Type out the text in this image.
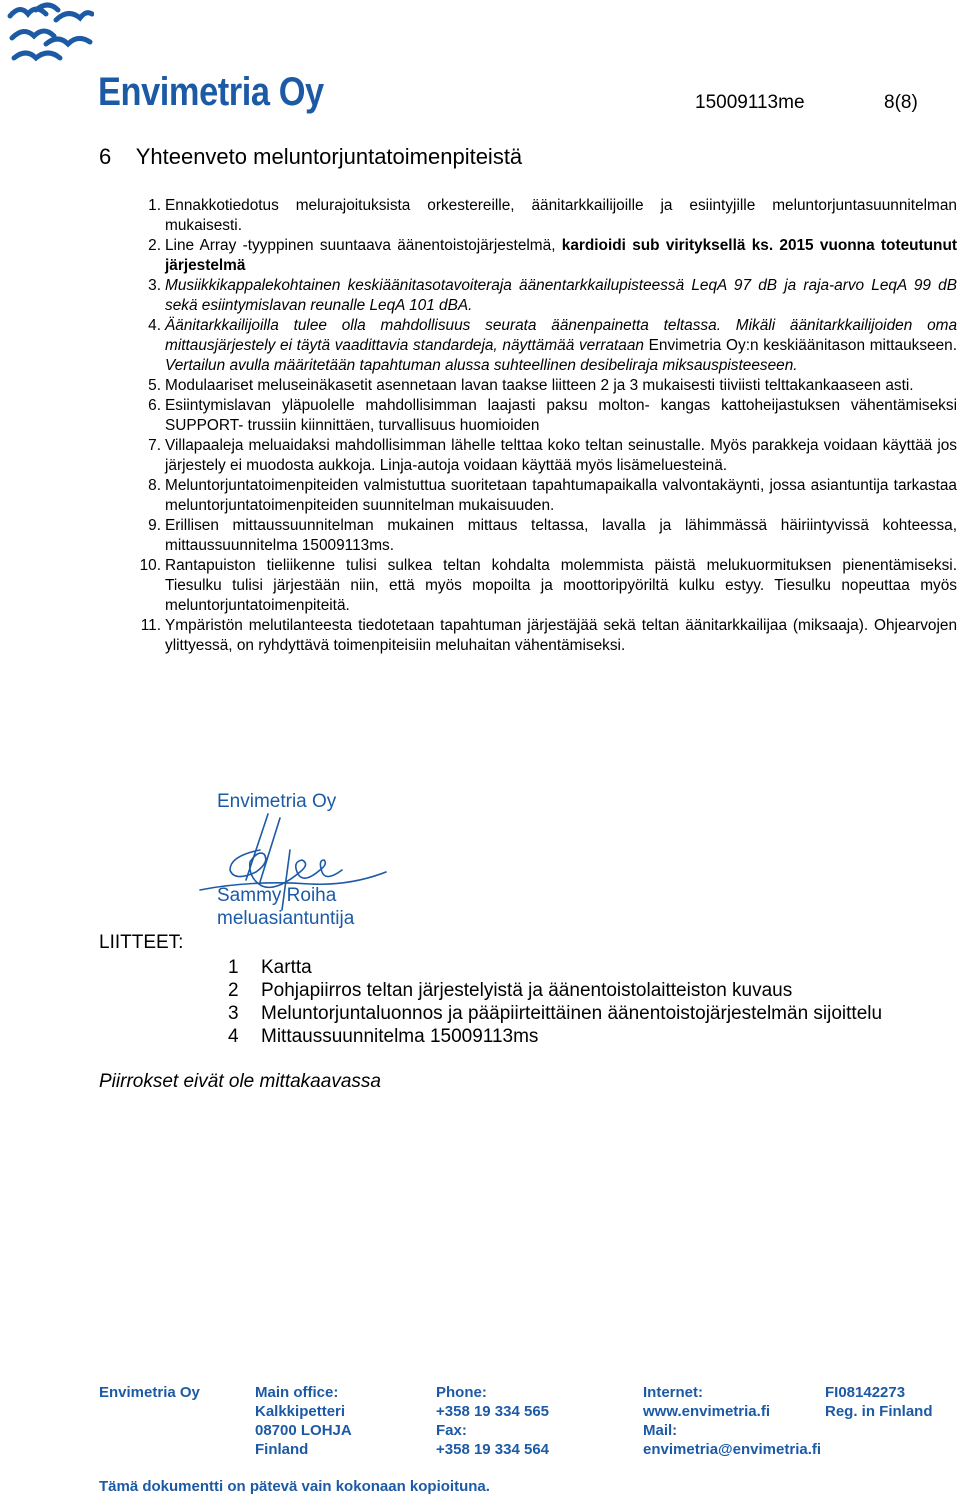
Envimetria Oy	15009113me	8(8)
6 Yhteenveto meluntorjuntatoimenpiteistä
1. Ennakkotiedotus melurajoituksista orkestereille, äänitarkkailijoille ja esiintyjille meluntorjuntasuunnitelman mukaisesti.
2. Line Array -tyyppinen suuntaava äänentoistojärjestelmä, kardioidi sub virityksellä ks. 2015 vuonna toteutunut järjestelmä
3. Musiikkikappalekohtainen keskiäänitasotavoiteraja äänentarkkailupisteessä LeqA 97 dB ja raja-arvo LeqA 99 dB sekä esiintymislavan reunalle LeqA 101 dBA.
4. Äänitarkkailijoilla tulee olla mahdollisuus seurata äänenpainetta teltassa. Mikäli äänitarkkailijoiden oma mittausjärjestely ei täytä vaadittavia standardeja, näyttämää verrataan Envimetria Oy:n keskiäänitason mittaukseen. Vertailun avulla määritetään tapahtuman alussa suhteellinen desibeliraja miksauspisteeseen.
5. Modulaariset meluseinäkasetit asennetaan lavan taakse liitteen 2 ja 3 mukaisesti tiiviisti telttakankaaseen asti.
6. Esiintymislavan yläpuolelle mahdollisimman laajasti paksu molton- kangas kattoheijastuksen vähentämiseksi SUPPORT- trussiin kiinnittäen, turvallisuus huomioiden
7. Villapaaleja meluaidaksi mahdollisimman lähelle telttaa koko teltan seinustalle. Myös parakkeja voidaan käyttää jos järjestely ei muodosta aukkoja. Linja-autoja voidaan käyttää myös lisämeluesteinä.
8. Meluntorjuntatoimenpiteiden valmistuttua suoritetaan tapahtumapaikalla valvontakäynti, jossa asiantuntija tarkastaa meluntorjuntatoimenpiteiden suunnitelman mukaisuuden.
9. Erillisen mittaussuunnitelman mukainen mittaus teltassa, lavalla ja lähimmässä häiriintyvissä kohteessa, mittaussuunnitelma 15009113ms.
10. Rantapuiston tieliikenne tulisi sulkea teltan kohdalta molemmista päistä melukuormituksen pienentämiseksi. Tiesulku tulisi järjestään niin, että myös mopoilta ja moottoripyöriltä kulku estyy. Tiesulku nopeuttaa myös meluntorjuntatoimenpiteitä.
11. Ympäristön melutilanteesta tiedotetaan tapahtuman järjestäjää sekä teltan äänitarkkailijaa (miksaaja). Ohjearvojen ylittyessä, on ryhdyttävä toimenpiteisiin meluhaitan vähentämiseksi.
Envimetria Oy
Sammy Roiha
meluasiantuntija
LIITTEET:
1	Kartta
2	Pohjapiirros teltan järjestelyistä ja äänentoistolaitteiston kuvaus
3	Meluntorjuntaluonnos ja pääpiirteittäinen äänentoistojärjestelmän sijoittelu
4	Mittaussuunnitelma 15009113ms
Piirrokset eivät ole mittakaavassa
Envimetria Oy	Main office:
Kalkkipetteri
08700 LOHJA
Finland
Phone:
+358 19 334 565
Fax:
+358 19 334 564
Internet:
www.envimetria.fi
Mail:
envimetria@envimetria.fi
FI08142273
Reg. in Finland
Tämä dokumentti on pätevä vain kokonaan kopioituna.
